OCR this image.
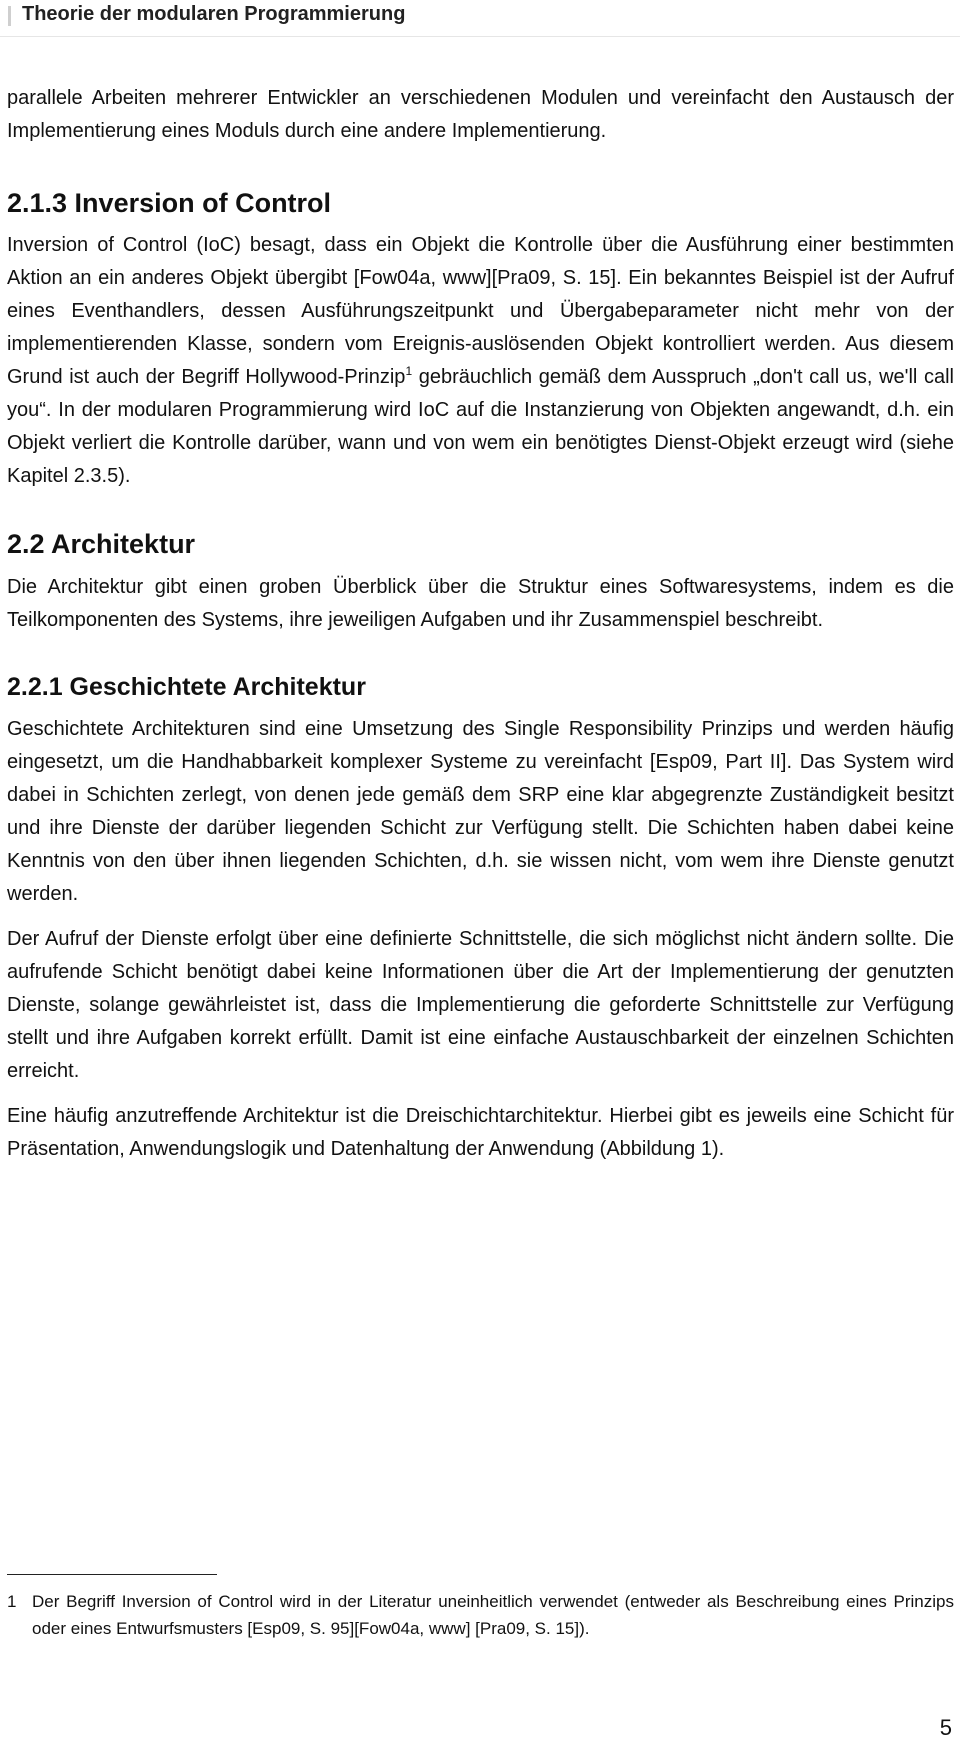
Theorie der modularen Programmierung

parallele Arbeiten mehrerer Entwickler an verschiedenen Modulen und vereinfacht den Austausch der Implementierung eines Moduls durch eine andere Implementierung.

2.1.3 Inversion of Control

Inversion of Control (IoC) besagt, dass ein Objekt die Kontrolle über die Ausführung einer bestimmten Aktion an ein anderes Objekt übergibt [Fow04a, www][Pra09, S. 15]. Ein bekanntes Beispiel ist der Aufruf eines Eventhandlers, dessen Ausführungszeitpunkt und Übergabeparameter nicht mehr von der implementierenden Klasse, sondern vom Ereignis-auslösenden Objekt kontrolliert werden. Aus diesem Grund ist auch der Begriff Hollywood-Prinzip$^1$ gebräuchlich gemäß dem Ausspruch „don't call us, we'll call you“. In der modularen Programmierung wird IoC auf die Instanzierung von Objekten angewandt, d.h. ein Objekt verliert die Kontrolle darüber, wann und von wem ein benötigtes Dienst-Objekt erzeugt wird (siehe Kapitel 2.3.5).

2.2 Architektur

Die Architektur gibt einen groben Überblick über die Struktur eines Softwaresystems, indem es die Teilkomponenten des Systems, ihre jeweiligen Aufgaben und ihr Zusammenspiel beschreibt.

2.2.1 Geschichtete Architektur

Geschichtete Architekturen sind eine Umsetzung des Single Responsibility Prinzips und werden häufig eingesetzt, um die Handhabbarkeit komplexer Systeme zu vereinfacht [Esp09, Part II]. Das System wird dabei in Schichten zerlegt, von denen jede gemäß dem SRP eine klar abgegrenzte Zuständigkeit besitzt und ihre Dienste der darüber liegenden Schicht zur Verfügung stellt. Die Schichten haben dabei keine Kenntnis von den über ihnen liegenden Schichten, d.h. sie wissen nicht, vom wem ihre Dienste genutzt werden.

Der Aufruf der Dienste erfolgt über eine definierte Schnittstelle, die sich möglichst nicht ändern sollte. Die aufrufende Schicht benötigt dabei keine Informationen über die Art der Implementierung der genutzten Dienste, solange gewährleistet ist, dass die Implementierung die geforderte Schnittstelle zur Verfügung stellt und ihre Aufgaben korrekt erfüllt. Damit ist eine einfache Austauschbarkeit der einzelnen Schichten erreicht.

Eine häufig anzutreffende Architektur ist die Dreischichtarchitektur. Hierbei gibt es jeweils eine Schicht für Präsentation, Anwendungslogik und Datenhaltung der Anwendung (Abbildung 1).

1 Der Begriff Inversion of Control wird in der Literatur uneinheitlich verwendet (entweder als Beschreibung eines Prinzips oder eines Entwurfsmusters [Esp09, S. 95][Fow04a, www] [Pra09, S. 15]).
5
